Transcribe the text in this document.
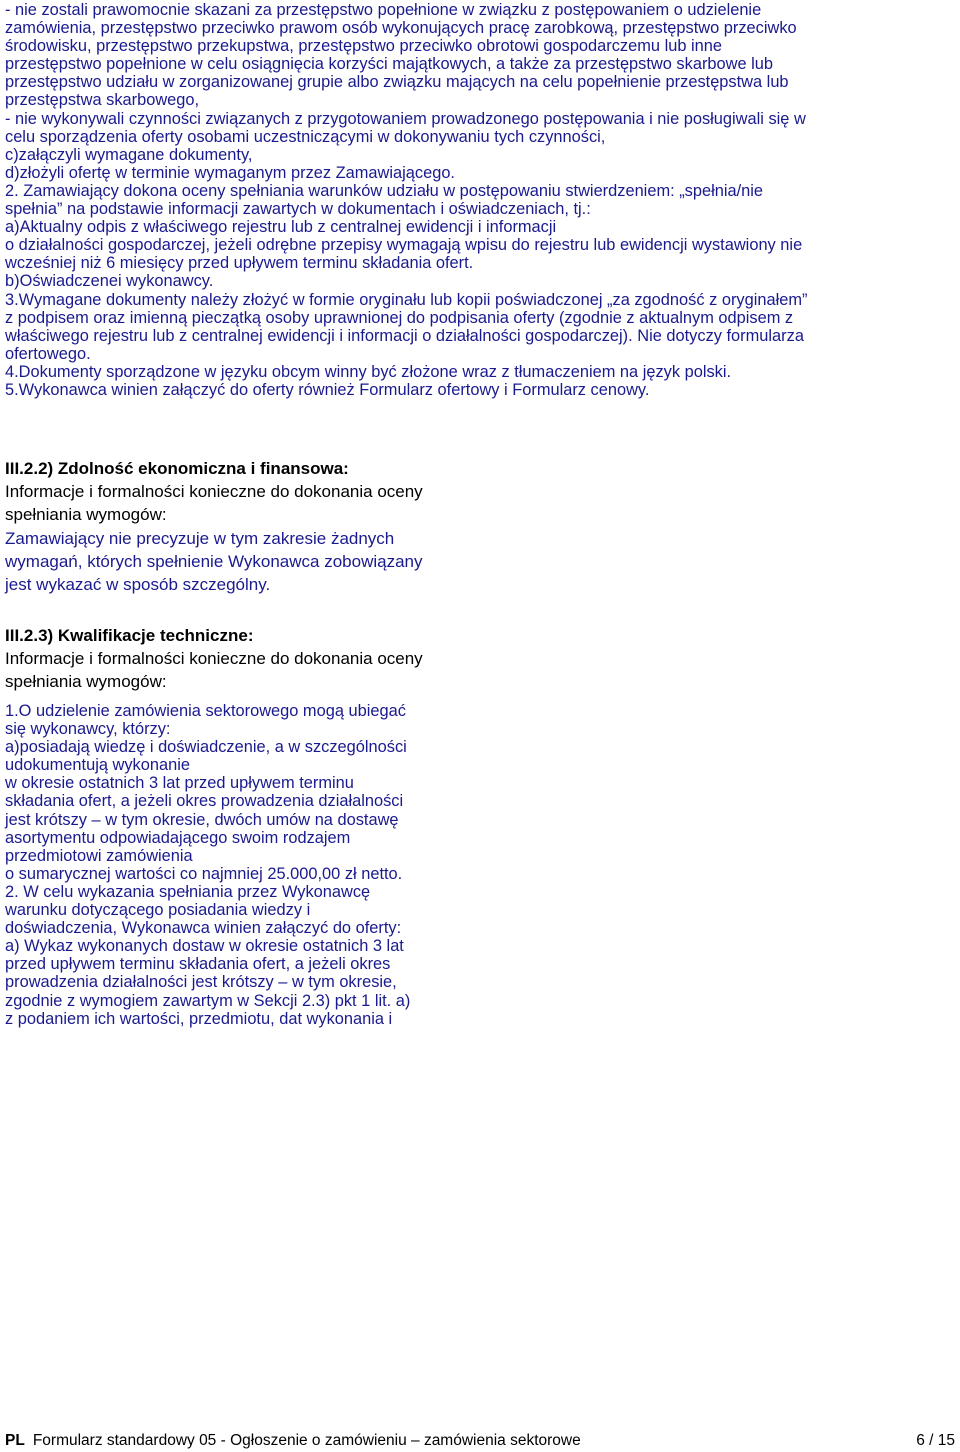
- nie zostali prawomocnie skazani za przestępstwo popełnione w związku z postępowaniem o udzielenie
zamówienia, przestępstwo przeciwko prawom osób wykonujących pracę zarobkową, przestępstwo przeciwko
środowisku, przestępstwo przekupstwa, przestępstwo przeciwko obrotowi gospodarczemu lub inne
przestępstwo popełnione w celu osiągnięcia korzyści majątkowych, a także za przestępstwo skarbowe lub
przestępstwo udziału w zorganizowanej grupie albo związku mających na celu popełnienie przestępstwa lub
przestępstwa skarbowego,
- nie wykonywali czynności związanych z przygotowaniem prowadzonego postępowania i nie posługiwali się w
celu sporządzenia oferty osobami uczestniczącymi w dokonywaniu tych czynności,
c)załączyli wymagane dokumenty,
d)złożyli ofertę w terminie wymaganym przez Zamawiającego.
2. Zamawiający dokona oceny spełniania warunków udziału w postępowaniu stwierdzeniem: „spełnia/nie
spełnia” na podstawie informacji zawartych w dokumentach i oświadczeniach, tj.:
a)Aktualny odpis z właściwego rejestru lub z centralnej ewidencji i informacji
o działalności gospodarczej, jeżeli odrębne przepisy wymagają wpisu do rejestru lub ewidencji wystawiony nie
wcześniej niż 6 miesięcy przed upływem terminu składania ofert.
b)Oświadczenei wykonawcy.
3.Wymagane dokumenty należy złożyć w formie oryginału lub kopii poświadczonej „za zgodność z oryginałem”
z podpisem oraz imienną pieczątką osoby uprawnionej do podpisania oferty (zgodnie z aktualnym odpisem z
właściwego rejestru lub z centralnej ewidencji i informacji o działalności gospodarczej). Nie dotyczy formularza
ofertowego.
4.Dokumenty sporządzone w języku obcym winny być złożone wraz z tłumaczeniem na język polski.
5.Wykonawca winien załączyć do oferty również Formularz ofertowy i Formularz cenowy.
III.2.2) Zdolność ekonomiczna i finansowa:
Informacje i formalności konieczne do dokonania oceny
spełniania wymogów:
Zamawiający nie precyzuje w tym zakresie żadnych
wymagań, których spełnienie Wykonawca zobowiązany
jest wykazać w sposób szczególny.
III.2.3) Kwalifikacje techniczne:
Informacje i formalności konieczne do dokonania oceny
spełniania wymogów:
1.O udzielenie zamówienia sektorowego mogą ubiegać
się wykonawcy, którzy:
a)posiadają wiedzę i doświadczenie, a w szczególności
udokumentują wykonanie
w okresie ostatnich 3 lat przed upływem terminu
składania ofert, a jeżeli okres prowadzenia działalności
jest krótszy – w tym okresie, dwóch umów na dostawę
asortymentu odpowiadającego swoim rodzajem
przedmiotowi zamówienia
o sumarycznej wartości co najmniej 25.000,00 zł netto.
2. W celu wykazania spełniania przez Wykonawcę
warunku dotyczącego posiadania wiedzy i
doświadczenia, Wykonawca winien załączyć do oferty:
a) Wykaz wykonanych dostaw w okresie ostatnich 3 lat
przed upływem terminu składania ofert, a jeżeli okres
prowadzenia działalności jest krótszy – w tym okresie,
zgodnie z wymogiem zawartym w Sekcji 2.3) pkt 1 lit. a)
z podaniem ich wartości, przedmiotu, dat wykonania i
PL Formularz standardowy 05 - Ogłoszenie o zamówieniu – zamówienia sektorowe	6 / 15
